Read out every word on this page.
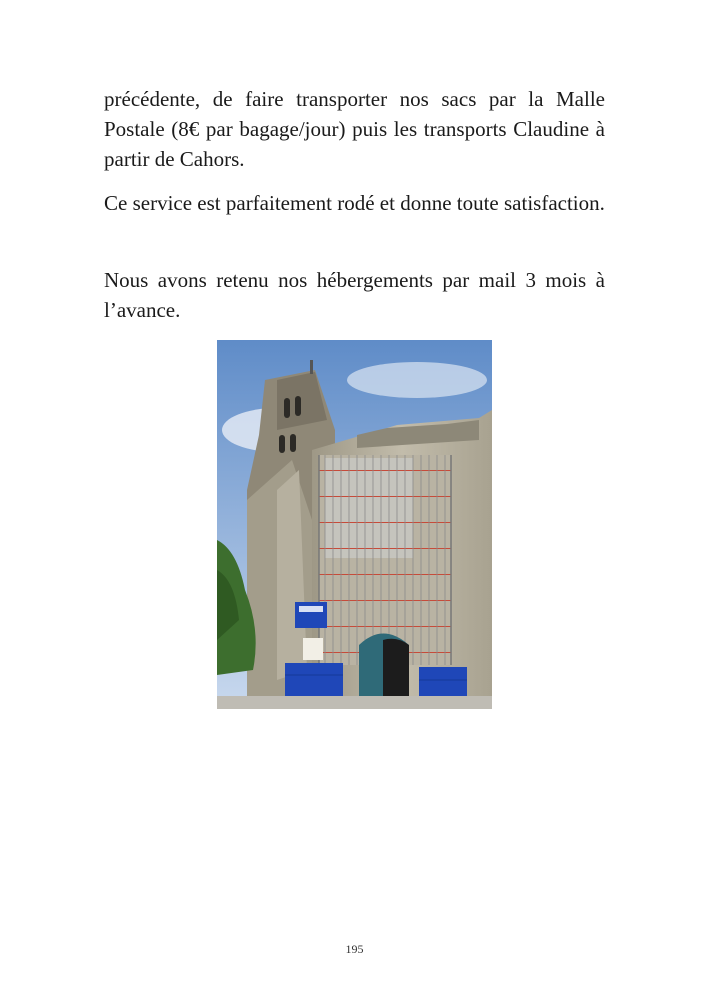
précédente, de faire transporter nos sacs par la Malle Postale (8€ par bagage/jour) puis les transports Claudine à partir de Cahors.

Ce service est parfaitement rodé et donne toute satisfaction.

Nous avons retenu nos hébergements par mail 3 mois à l’avance.

195
